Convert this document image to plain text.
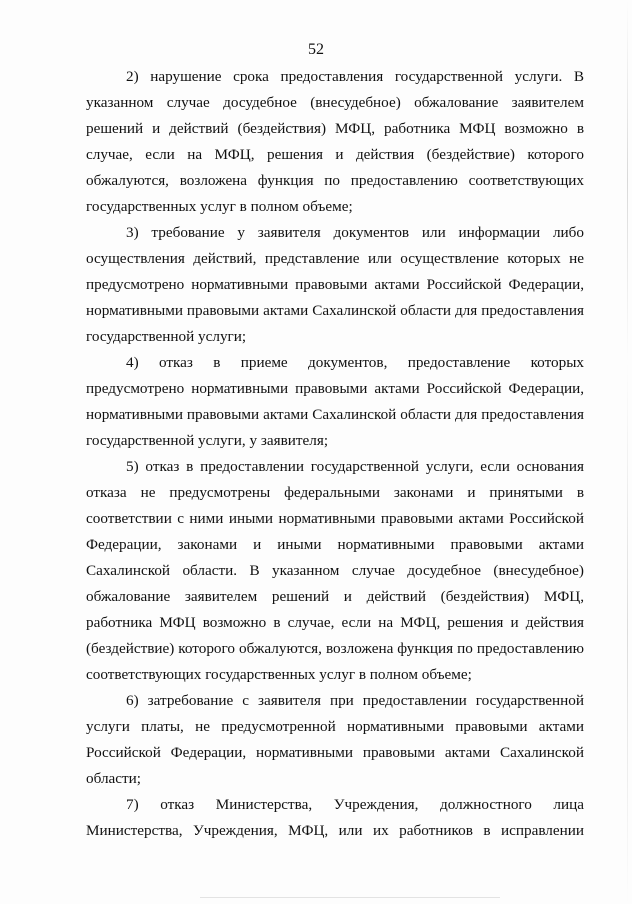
52

2) нарушение срока предоставления государственной услуги. В указанном случае досудебное (внесудебное) обжалование заявителем решений и действий (бездействия) МФЦ, работника МФЦ возможно в случае, если на МФЦ, решения и действия (бездействие) которого обжалуются, возложена функция по предоставлению соответствующих государственных услуг в полном объеме;

3) требование у заявителя документов или информации либо осуществления действий, представление или осуществление которых не предусмотрено нормативными правовыми актами Российской Федерации, нормативными правовыми актами Сахалинской области для предоставления государственной услуги;

4) отказ в приеме документов, предоставление которых предусмотрено нормативными правовыми актами Российской Федерации, нормативными правовыми актами Сахалинской области для предоставления государственной услуги, у заявителя;

5) отказ в предоставлении государственной услуги, если основания отказа не предусмотрены федеральными законами и принятыми в соответствии с ними иными нормативными правовыми актами Российской Федерации, законами и иными нормативными правовыми актами Сахалинской области. В указанном случае досудебное (внесудебное) обжалование заявителем решений и действий (бездействия) МФЦ, работника МФЦ возможно в случае, если на МФЦ, решения и действия (бездействие) которого обжалуются, возложена функция по предоставлению соответствующих государственных услуг в полном объеме;

6) затребование с заявителя при предоставлении государственной услуги платы, не предусмотренной нормативными правовыми актами Российской Федерации, нормативными правовыми актами Сахалинской области;

7) отказ Министерства, Учреждения, должностного лица Министерства, Учреждения, МФЦ, или их работников в исправлении
